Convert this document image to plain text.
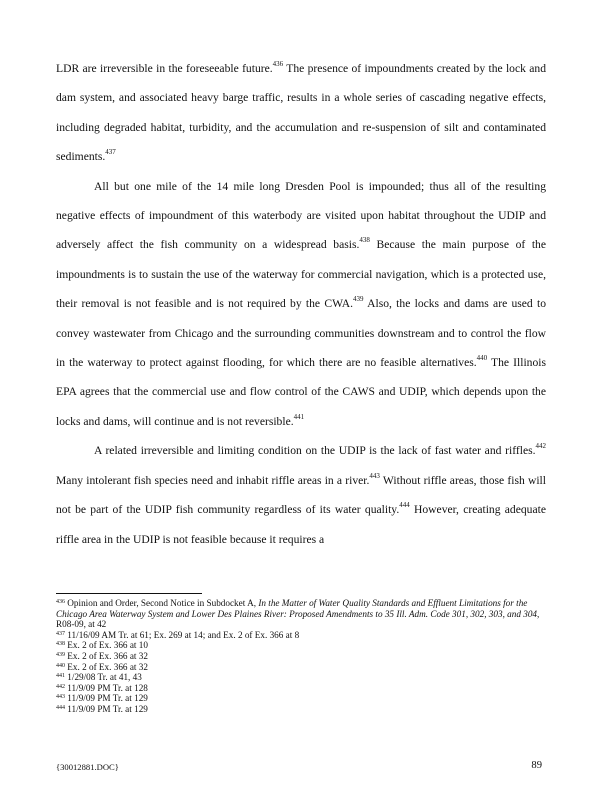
LDR are irreversible in the foreseeable future.$^{436}$ The presence of impoundments created by the lock and dam system, and associated heavy barge traffic, results in a whole series of cascading negative effects, including degraded habitat, turbidity, and the accumulation and re-suspension of silt and contaminated sediments.$^{437}$

All but one mile of the 14 mile long Dresden Pool is impounded; thus all of the resulting negative effects of impoundment of this waterbody are visited upon habitat throughout the UDIP and adversely affect the fish community on a widespread basis.$^{438}$ Because the main purpose of the impoundments is to sustain the use of the waterway for commercial navigation, which is a protected use, their removal is not feasible and is not required by the CWA.$^{439}$ Also, the locks and dams are used to convey wastewater from Chicago and the surrounding communities downstream and to control the flow in the waterway to protect against flooding, for which there are no feasible alternatives.$^{440}$ The Illinois EPA agrees that the commercial use and flow control of the CAWS and UDIP, which depends upon the locks and dams, will continue and is not reversible.$^{441}$

A related irreversible and limiting condition on the UDIP is the lack of fast water and riffles.$^{442}$ Many intolerant fish species need and inhabit riffle areas in a river.$^{443}$ Without riffle areas, those fish will not be part of the UDIP fish community regardless of its water quality.$^{444}$ However, creating adequate riffle area in the UDIP is not feasible because it requires a

$^{436}$ Opinion and Order, Second Notice in Subdocket A, In the Matter of Water Quality Standards and Effluent Limitations for the Chicago Area Waterway System and Lower Des Plaines River: Proposed Amendments to 35 Ill. Adm. Code 301, 302, 303, and 304, R08-09, at 42

$^{437}$ 11/16/09 AM Tr. at 61; Ex. 269 at 14; and Ex. 2 of Ex. 366 at 8

$^{438}$ Ex. 2 of Ex. 366 at 10

$^{439}$ Ex. 2 of Ex. 366 at 32

$^{440}$ Ex. 2 of Ex. 366 at 32

$^{441}$ 1/29/08 Tr. at 41, 43

$^{442}$ 11/9/09 PM Tr. at 128

$^{443}$ 11/9/09 PM Tr. at 129

$^{444}$ 11/9/09 PM Tr. at 129

{30012881.DOC}	89
